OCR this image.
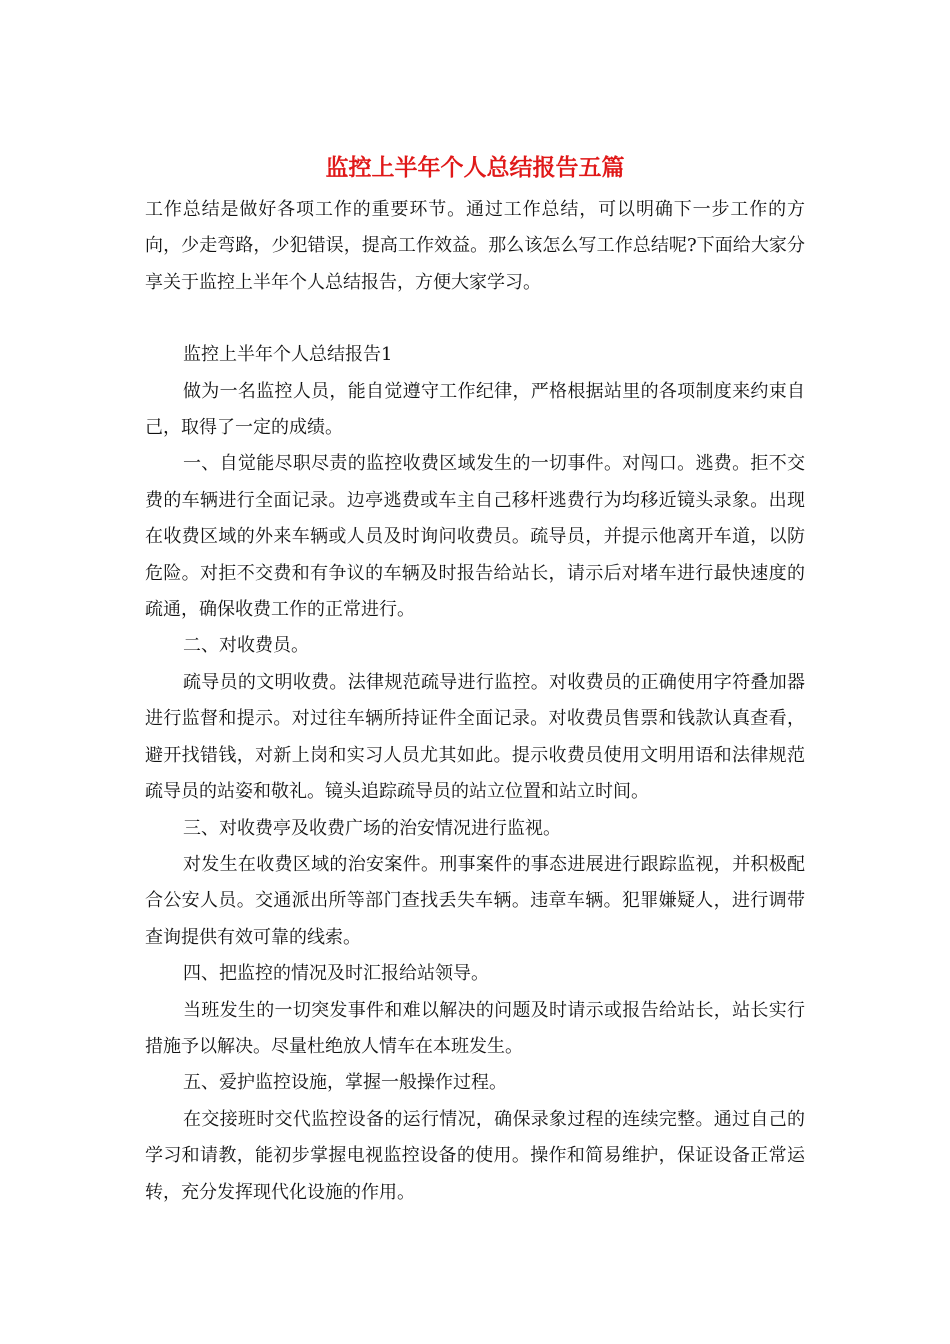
监控上半年个人总结报告五篇

工作总结是做好各项工作的重要环节。通过工作总结，可以明确下一步工作的方向，少走弯路，少犯错误，提高工作效益。那么该怎么写工作总结呢?下面给大家分享关于监控上半年个人总结报告，方便大家学习。

监控上半年个人总结报告1

做为一名监控人员，能自觉遵守工作纪律，严格根据站里的各项制度来约束自己，取得了一定的成绩。

一、自觉能尽职尽责的监控收费区域发生的一切事件。对闯口。逃费。拒不交费的车辆进行全面记录。边亭逃费或车主自己移杆逃费行为均移近镜头录象。出现在收费区域的外来车辆或人员及时询问收费员。疏导员，并提示他离开车道，以防危险。对拒不交费和有争议的车辆及时报告给站长，请示后对堵车进行最快速度的疏通，确保收费工作的正常进行。

二、对收费员。

疏导员的文明收费。法律规范疏导进行监控。对收费员的正确使用字符叠加器进行监督和提示。对过往车辆所持证件全面记录。对收费员售票和钱款认真查看，避开找错钱，对新上岗和实习人员尤其如此。提示收费员使用文明用语和法律规范疏导员的站姿和敬礼。镜头追踪疏导员的站立位置和站立时间。

三、对收费亭及收费广场的治安情况进行监视。

对发生在收费区域的治安案件。刑事案件的事态进展进行跟踪监视，并积极配合公安人员。交通派出所等部门查找丢失车辆。违章车辆。犯罪嫌疑人，进行调带查询提供有效可靠的线索。

四、把监控的情况及时汇报给站领导。

当班发生的一切突发事件和难以解决的问题及时请示或报告给站长，站长实行措施予以解决。尽量杜绝放人情车在本班发生。

五、爱护监控设施，掌握一般操作过程。

在交接班时交代监控设备的运行情况，确保录象过程的连续完整。通过自己的学习和请教，能初步掌握电视监控设备的使用。操作和简易维护，保证设备正常运转，充分发挥现代化设施的作用。
